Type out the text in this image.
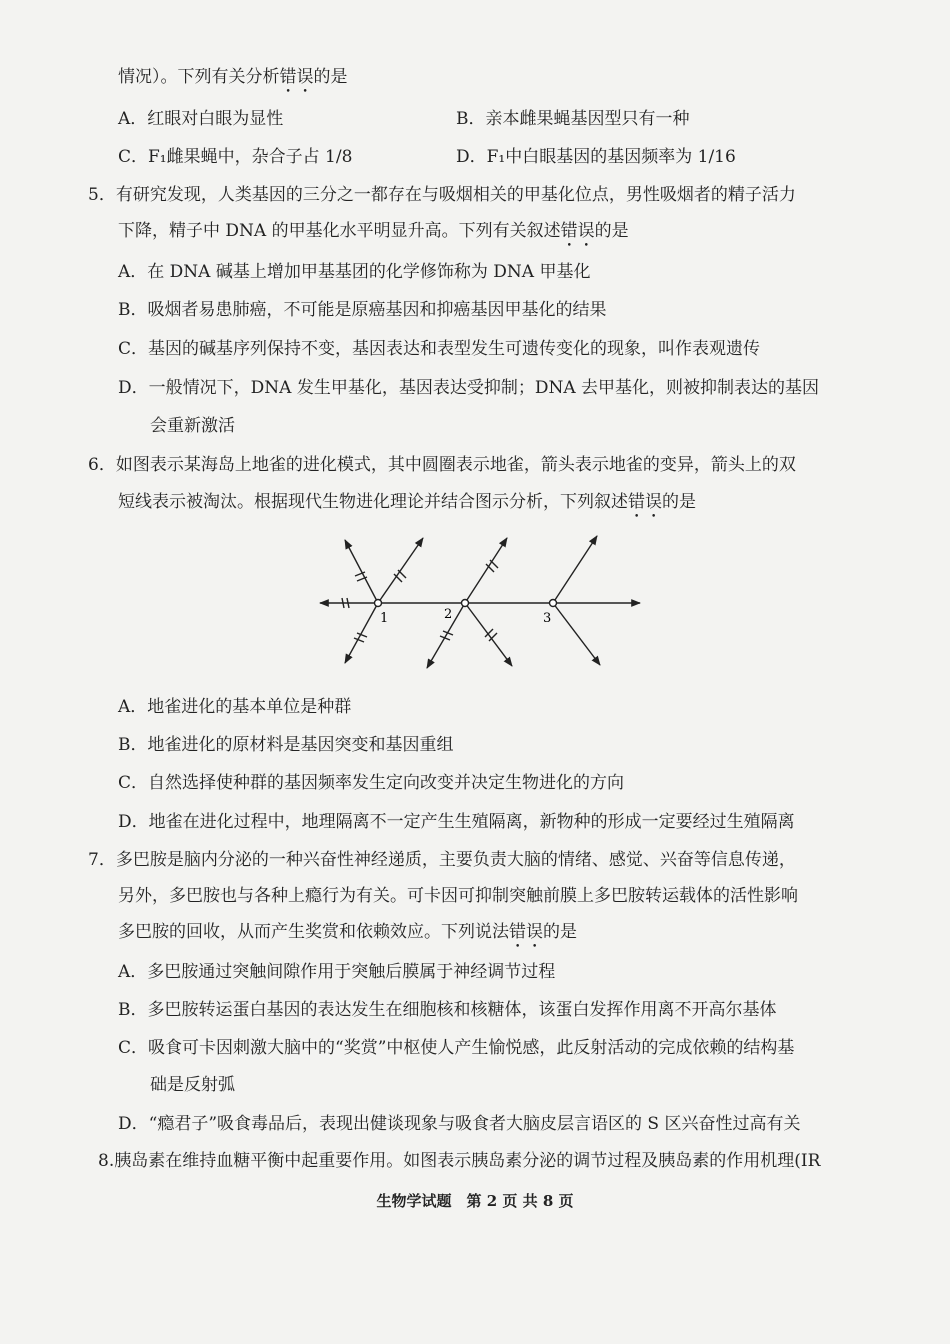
情况）。下列有关分析错误的是
A．红眼对白眼为显性	B．亲本雌果蝇基因型只有一种
C．F₁雌果蝇中，杂合子占 1/8	D．F₁中白眼基因的基因频率为 1/16
5．有研究发现，人类基因的三分之一都存在与吸烟相关的甲基化位点，男性吸烟者的精子活力
下降，精子中 DNA 的甲基化水平明显升高。下列有关叙述错误的是
A．在 DNA 碱基上增加甲基基团的化学修饰称为 DNA 甲基化
B．吸烟者易患肺癌，不可能是原癌基因和抑癌基因甲基化的结果
C．基因的碱基序列保持不变，基因表达和表型发生可遗传变化的现象，叫作表观遗传
D．一般情况下，DNA 发生甲基化，基因表达受抑制；DNA 去甲基化，则被抑制表达的基因
会重新激活
6．如图表示某海岛上地雀的进化模式，其中圆圈表示地雀，箭头表示地雀的变异，箭头上的双
短线表示被淘汰。根据现代生物进化理论并结合图示分析，下列叙述错误的是
1	2	3
A．地雀进化的基本单位是种群
B．地雀进化的原材料是基因突变和基因重组
C．自然选择使种群的基因频率发生定向改变并决定生物进化的方向
D．地雀在进化过程中，地理隔离不一定产生生殖隔离，新物种的形成一定要经过生殖隔离
7．多巴胺是脑内分泌的一种兴奋性神经递质，主要负责大脑的情绪、感觉、兴奋等信息传递，
另外，多巴胺也与各种上瘾行为有关。可卡因可抑制突触前膜上多巴胺转运载体的活性影响
多巴胺的回收，从而产生奖赏和依赖效应。下列说法错误的是
A．多巴胺通过突触间隙作用于突触后膜属于神经调节过程
B．多巴胺转运蛋白基因的表达发生在细胞核和核糖体，该蛋白发挥作用离不开高尔基体
C．吸食可卡因刺激大脑中的“奖赏”中枢使人产生愉悦感，此反射活动的完成依赖的结构基
础是反射弧
D．“瘾君子”吸食毒品后，表现出健谈现象与吸食者大脑皮层言语区的 S 区兴奋性过高有关
8.胰岛素在维持血糖平衡中起重要作用。如图表示胰岛素分泌的调节过程及胰岛素的作用机理(IR
生物学试题　第 2 页 共 8 页
